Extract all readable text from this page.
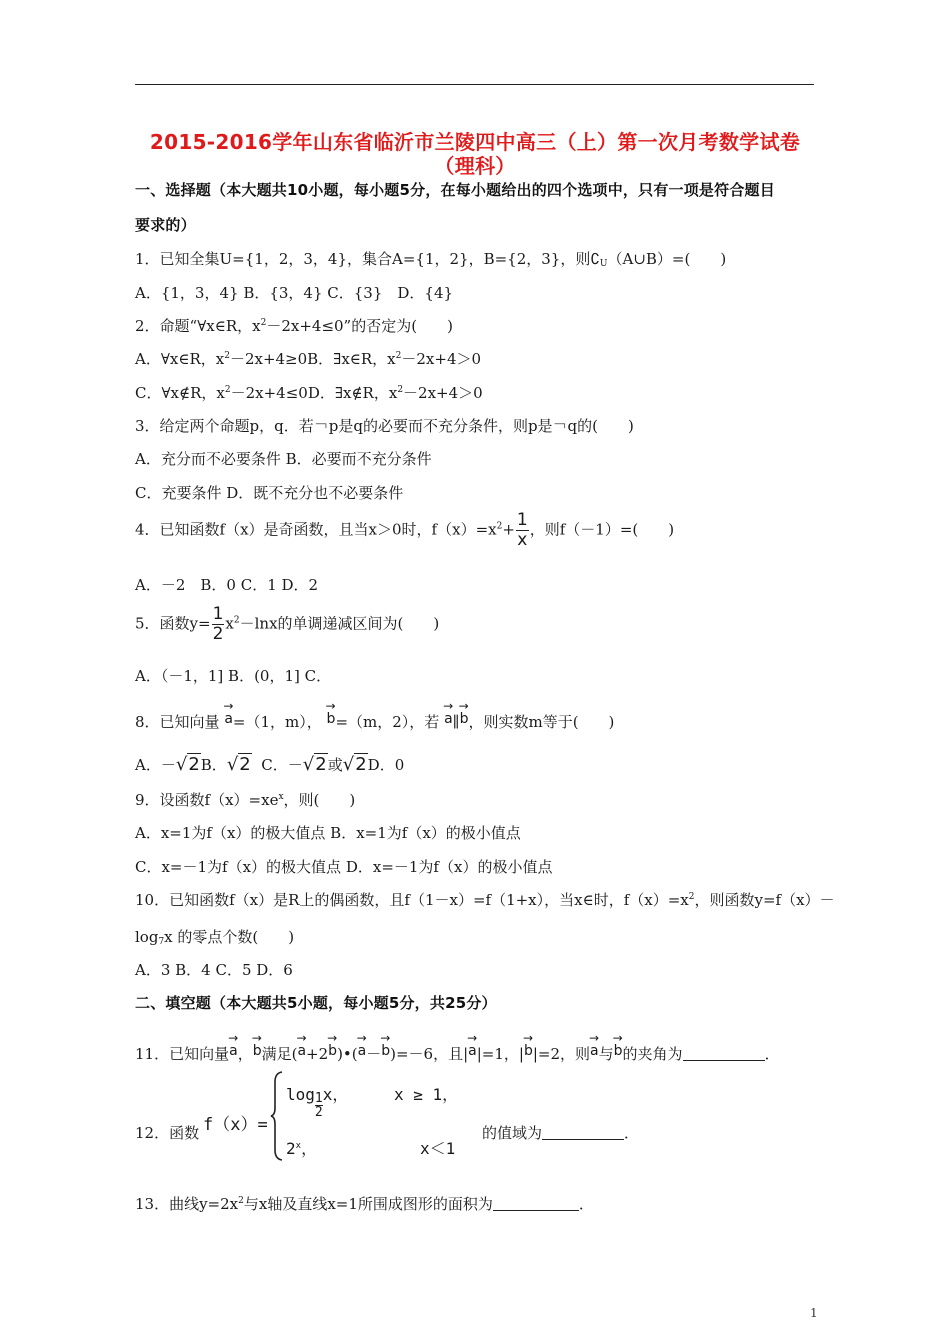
2015-2016学年山东省临沂市兰陵四中高三（上）第一次月考数学试卷
（理科）
一、选择题（本大题共10小题，每小题5分，在每小题给出的四个选项中，只有一项是符合题目
要求的）
1．已知全集U={1，2，3，4}，集合A={1，2}，B={2，3}，则$∁_U(A\cup B)=$(　　)
A．{1，3，4} B．{3，4} C．{3}　D．{4}
2．命题“∀x∈R，$x^2-2x+4\le 0$”的否定为(　　)
A．∀x∈R，$x^2-2x+4\ge 0B$．∃x∈R，$x^2-2x+4>0$
C．∀x∉R，$x^2-2x+4\le 0D$．∃x∉R，$x^2-2x+4>0$
3．给定两个命题p，q．若￢p是q的必要而不充分条件，则p是￢q的(　　)
A．充分而不必要条件 B．必要而不充分条件
C．充要条件 D．既不充分也不必要条件
4．已知函数f（x）是奇函数，且当x＞0时，$f(x)=x^2+ \frac{1}{x}$ ，则f（－1）=(　　)
A．－2　B．0 C．1 D．2
5．函数$y= \frac{1}{2} x^2-\ln x$的单调递减区间为(　　)
A．（－1，1] B．(0，1] C．
8．已知向量 → a=（1，m）， → b=（m，2），若 → a∥→ b，则实数m等于(　　)
A．－√2B．√2 C．－√2或√2D．0
9．设函数$f(x)=xe^x$，则(　　)
A．x=1为f（x）的极大值点 B．x=1为f（x）的极小值点
C．x=－1为f（x）的极大值点 D．x=－1为f（x）的极小值点
10．已知函数f（x）是R上的偶函数，且f（1－x）=f（1+x），当x∈时，$f(x)=x^2$，则函数y=f（x）－
$\log_7x$ 的零点个数(　　)
A．3 B．4 C．5 D．6
二、填空题（本大题共5小题，每小题5分，共25分）
11．已知向量→ a，→ b满足(→ a+2→ b)•(→ a－→ b)=－6，且|→ a|=1，|→ b|=2，则→ a与→ b的夹角为	．
12．函数 f（x）=
$\log \frac{1}{2}$ x，	x ≥ 1，
2$^x$，	x＜1
的值域为	．
13．曲线$y=2x^2$与x轴及直线x=1所围成图形的面积为	．
1
